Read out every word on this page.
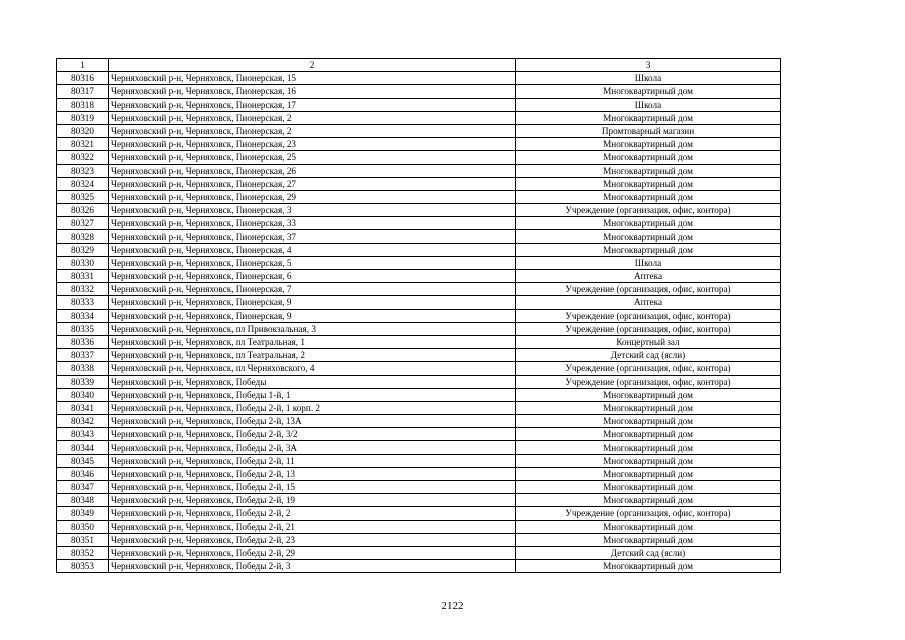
1	2	3
80316	Черняховский р-н, Черняховск, Пионерская, 15	Школа
80317	Черняховский р-н, Черняховск, Пионерская, 16	Многоквартирный дом
80318	Черняховский р-н, Черняховск, Пионерская, 17	Школа
80319	Черняховский р-н, Черняховск, Пионерская, 2	Многоквартирный дом
80320	Черняховский р-н, Черняховск, Пионерская, 2	Промтоварный магазин
80321	Черняховский р-н, Черняховск, Пионерская, 23	Многоквартирный дом
80322	Черняховский р-н, Черняховск, Пионерская, 25	Многоквартирный дом
80323	Черняховский р-н, Черняховск, Пионерская, 26	Многоквартирный дом
80324	Черняховский р-н, Черняховск, Пионерская, 27	Многоквартирный дом
80325	Черняховский р-н, Черняховск, Пионерская, 29	Многоквартирный дом
80326	Черняховский р-н, Черняховск, Пионерская, 3	Учреждение (организация, офис, контора)
80327	Черняховский р-н, Черняховск, Пионерская, 33	Многоквартирный дом
80328	Черняховский р-н, Черняховск, Пионерская, 37	Многоквартирный дом
80329	Черняховский р-н, Черняховск, Пионерская, 4	Многоквартирный дом
80330	Черняховский р-н, Черняховск, Пионерская, 5	Школа
80331	Черняховский р-н, Черняховск, Пионерская, 6	Аптека
80332	Черняховский р-н, Черняховск, Пионерская, 7	Учреждение (организация, офис, контора)
80333	Черняховский р-н, Черняховск, Пионерская, 9	Аптека
80334	Черняховский р-н, Черняховск, Пионерская, 9	Учреждение (организация, офис, контора)
80335	Черняховский р-н, Черняховск, пл Привокзальная, 3	Учреждение (организация, офис, контора)
80336	Черняховский р-н, Черняховск, пл Театральная, 1	Концертный зал
80337	Черняховский р-н, Черняховск, пл Театральная, 2	Детский сад (ясли)
80338	Черняховский р-н, Черняховск, пл Черняховского, 4	Учреждение (организация, офис, контора)
80339	Черняховский р-н, Черняховск, Победы	Учреждение (организация, офис, контора)
80340	Черняховский р-н, Черняховск, Победы 1-й, 1	Многоквартирный дом
80341	Черняховский р-н, Черняховск, Победы 2-й, 1 корп. 2	Многоквартирный дом
80342	Черняховский р-н, Черняховск, Победы 2-й, 13А	Многоквартирный дом
80343	Черняховский р-н, Черняховск, Победы 2-й, 3/2	Многоквартирный дом
80344	Черняховский р-н, Черняховск, Победы 2-й, 3А	Многоквартирный дом
80345	Черняховский р-н, Черняховск, Победы 2-й, 11	Многоквартирный дом
80346	Черняховский р-н, Черняховск, Победы 2-й, 13	Многоквартирный дом
80347	Черняховский р-н, Черняховск, Победы 2-й, 15	Многоквартирный дом
80348	Черняховский р-н, Черняховск, Победы 2-й, 19	Многоквартирный дом
80349	Черняховский р-н, Черняховск, Победы 2-й, 2	Учреждение (организация, офис, контора)
80350	Черняховский р-н, Черняховск, Победы 2-й, 21	Многоквартирный дом
80351	Черняховский р-н, Черняховск, Победы 2-й, 23	Многоквартирный дом
80352	Черняховский р-н, Черняховск, Победы 2-й, 29	Детский сад (ясли)
80353	Черняховский р-н, Черняховск, Победы 2-й, 3	Многоквартирный дом
2122
